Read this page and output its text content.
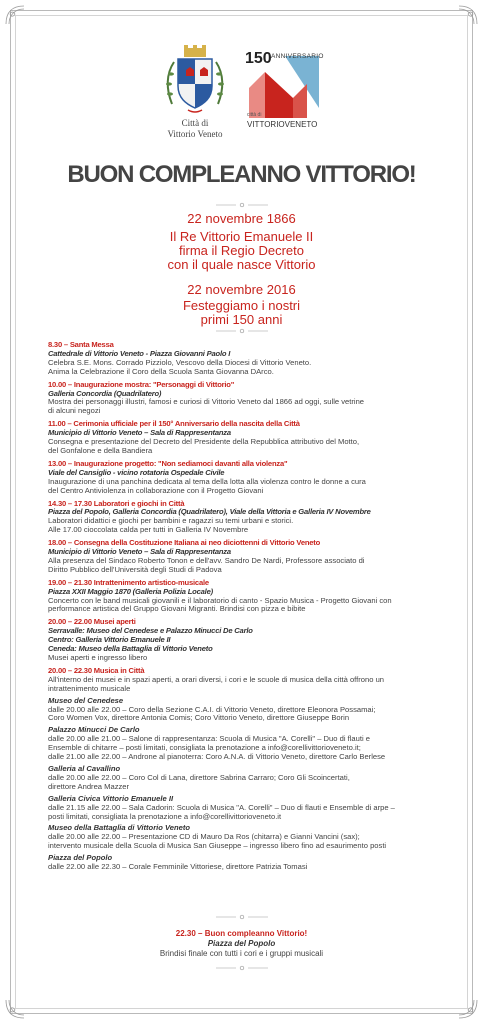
Città di
Vittorio Veneto
150 ANNIVERSARIO
città di
VITTORIOVENETO
BUON COMPLEANNO VITTORIO!
22 novembre 1866
Il Re Vittorio Emanuele II
firma il Regio Decreto
con il quale nasce Vittorio
22 novembre 2016
Festeggiamo i nostri
primi 150 anni
8.30 – Santa Messa
Cattedrale di Vittorio Veneto - Piazza Giovanni Paolo I
Celebra S.E. Mons. Corrado Pizziolo, Vescovo della Diocesi di Vittorio Veneto.
Anima la Celebrazione il Coro della Scuola Santa Giovanna DArco.
10.00 – Inaugurazione mostra: "Personaggi di Vittorio"
Galleria Concordia (Quadrilatero)
Mostra dei personaggi illustri, famosi e curiosi di Vittorio Veneto dal 1866 ad oggi, sulle vetrine
di alcuni negozi
11.00 – Cerimonia ufficiale per il 150° Anniversario della nascita della Città
Municipio di Vittorio Veneto – Sala di Rappresentanza
Consegna e presentazione del Decreto del Presidente della Repubblica attributivo del Motto,
del Gonfalone e della Bandiera
13.00 – Inaugurazione progetto: "Non sediamoci davanti alla violenza"
Viale del Cansiglio - vicino rotatoria Ospedale Civile
Inaugurazione di una panchina dedicata al tema della lotta alla violenza contro le donne a cura
del Centro Antiviolenza in collaborazione con il Progetto Giovani
14.30 – 17.30 Laboratori e giochi in Città
Piazza del Popolo, Galleria Concordia (Quadrilatero), Viale della Vittoria e Galleria IV Novembre
Laboratori didattici e giochi per bambini e ragazzi su temi urbani e storici.
Alle 17.00 cioccolata calda per tutti in Galleria IV Novembre
18.00 – Consegna della Costituzione Italiana ai neo diciottenni di Vittorio Veneto
Municipio di Vittorio Veneto – Sala di Rappresentanza
Alla presenza del Sindaco Roberto Tonon e dell'avv. Sandro De Nardi, Professore associato di
Diritto Pubblico dell'Università degli Studi di Padova
19.00 – 21.30 Intrattenimento artistico-musicale
Piazza XXII Maggio 1870 (Galleria Polizia Locale)
Concerto con le band musicali giovanili e il laboratorio di canto - Spazio Musica - Progetto Giovani con
performance artistica del Gruppo Giovani Migranti. Brindisi con pizza e bibite
20.00 – 22.00 Musei aperti
Serravalle: Museo del Cenedese e Palazzo Minucci De Carlo
Centro: Galleria Vittorio Emanuele II
Ceneda: Museo della Battaglia di Vittorio Veneto
Musei aperti e ingresso libero
20.00 – 22.30 Musica in Città
All'interno dei musei e in spazi aperti, a orari diversi, i cori e le scuole di musica della città offrono un
intrattenimento musicale
Museo del Cenedese
dalle 20.00 alle 22.00 – Coro della Sezione C.A.I. di Vittorio Veneto, direttore Eleonora Possamai;
Coro Women Vox, direttore Antonia Comis; Coro Vittorio Veneto, direttore Giuseppe Borin
Palazzo Minucci De Carlo
dalle 20.00 alle 21.00 – Salone di rappresentanza: Scuola di Musica "A. Corelli" – Duo di flauti e
Ensemble di chitarre – posti limitati, consigliata la prenotazione a info@corellivittorioveneto.it;
dalle 21.00 alle 22.00 – Androne al pianoterra: Coro A.N.A. di Vittorio Veneto, direttore Carlo Berlese
Galleria al Cavallino
dalle 20.00 alle 22.00 – Coro Col di Lana, direttore Sabrina Carraro; Coro Gli Scoincertati,
direttore Andrea Mazzer
Galleria Civica Vittorio Emanuele II
dalle 21.15 alle 22.00 – Sala Cadorin: Scuola di Musica "A. Corelli" – Duo di flauti e Ensemble di arpe –
posti limitati, consigliata la prenotazione a info@corellivittorioveneto.it
Museo della Battaglia di Vittorio Veneto
dalle 20.00 alle 22.00 – Presentazione CD di Mauro Da Ros (chitarra) e Gianni Vancini (sax);
intervento musicale della Scuola di Musica San Giuseppe – ingresso libero fino ad esaurimento posti
Piazza del Popolo
dalle 22.00 alle 22.30 – Corale Femminile Vittoriese, direttore Patrizia Tomasi
22.30 – Buon compleanno Vittorio!
Piazza del Popolo
Brindisi finale con tutti i cori e i gruppi musicali
